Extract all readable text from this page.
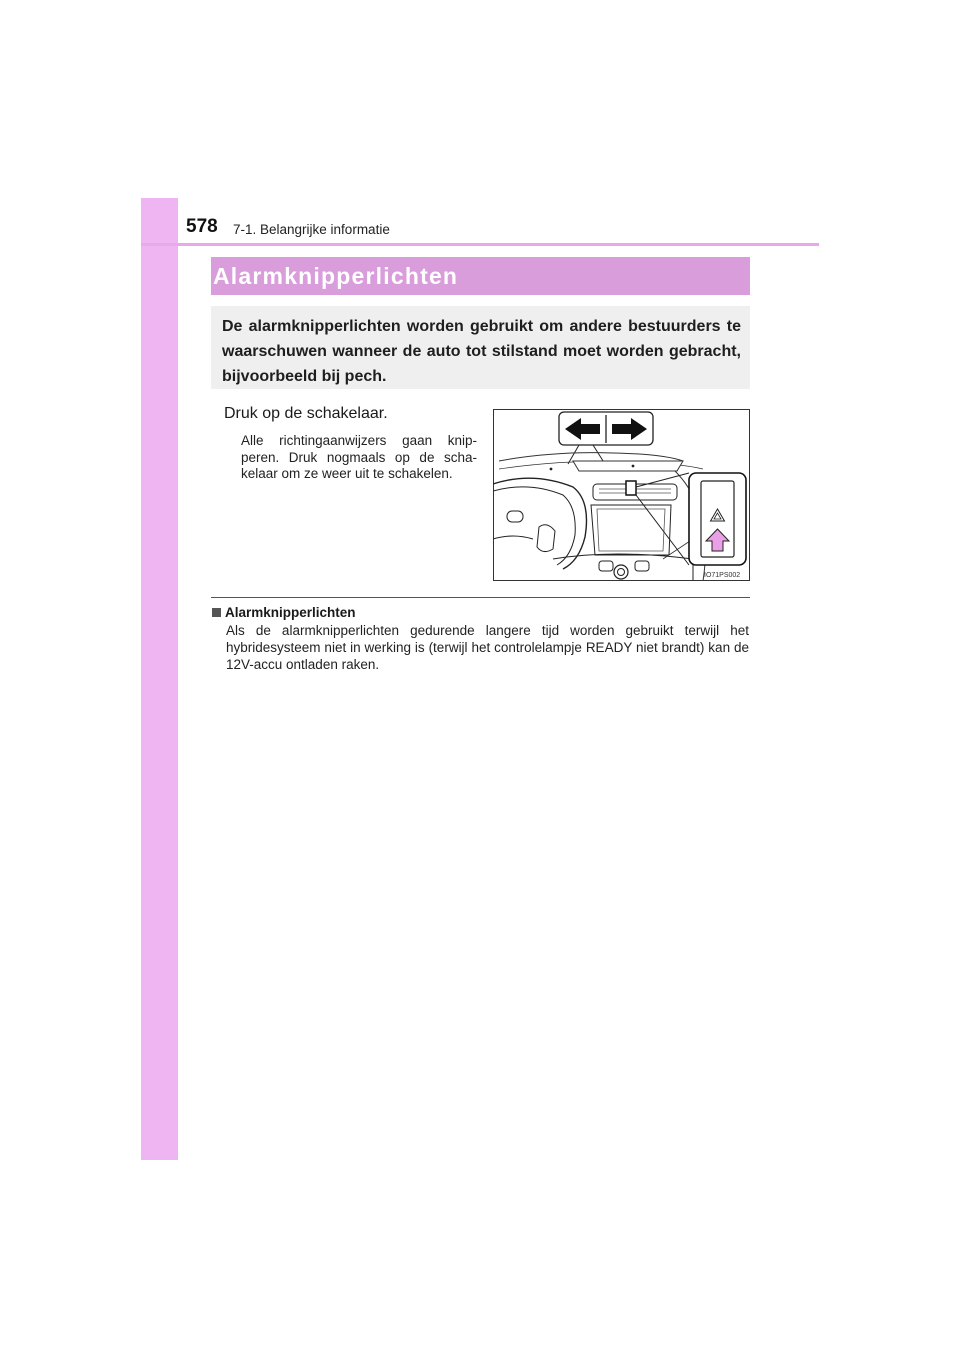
578 7-1. Belangrijke informatie
Alarmknipperlichten
De alarmknipperlichten worden gebruikt om andere bestuurders te waarschuwen wanneer de auto tot stilstand moet worden gebracht, bijvoorbeeld bij pech.
Druk op de schakelaar.
Alle richtingaanwijzers gaan knip-peren. Druk nogmaals op de scha-kelaar om ze weer uit te schakelen.
IO71PS002
Alarmknipperlichten
Als de alarmknipperlichten gedurende langere tijd worden gebruikt terwijl het hybridesysteem niet in werking is (terwijl het controlelampje READY niet brandt) kan de 12V-accu ontladen raken.
